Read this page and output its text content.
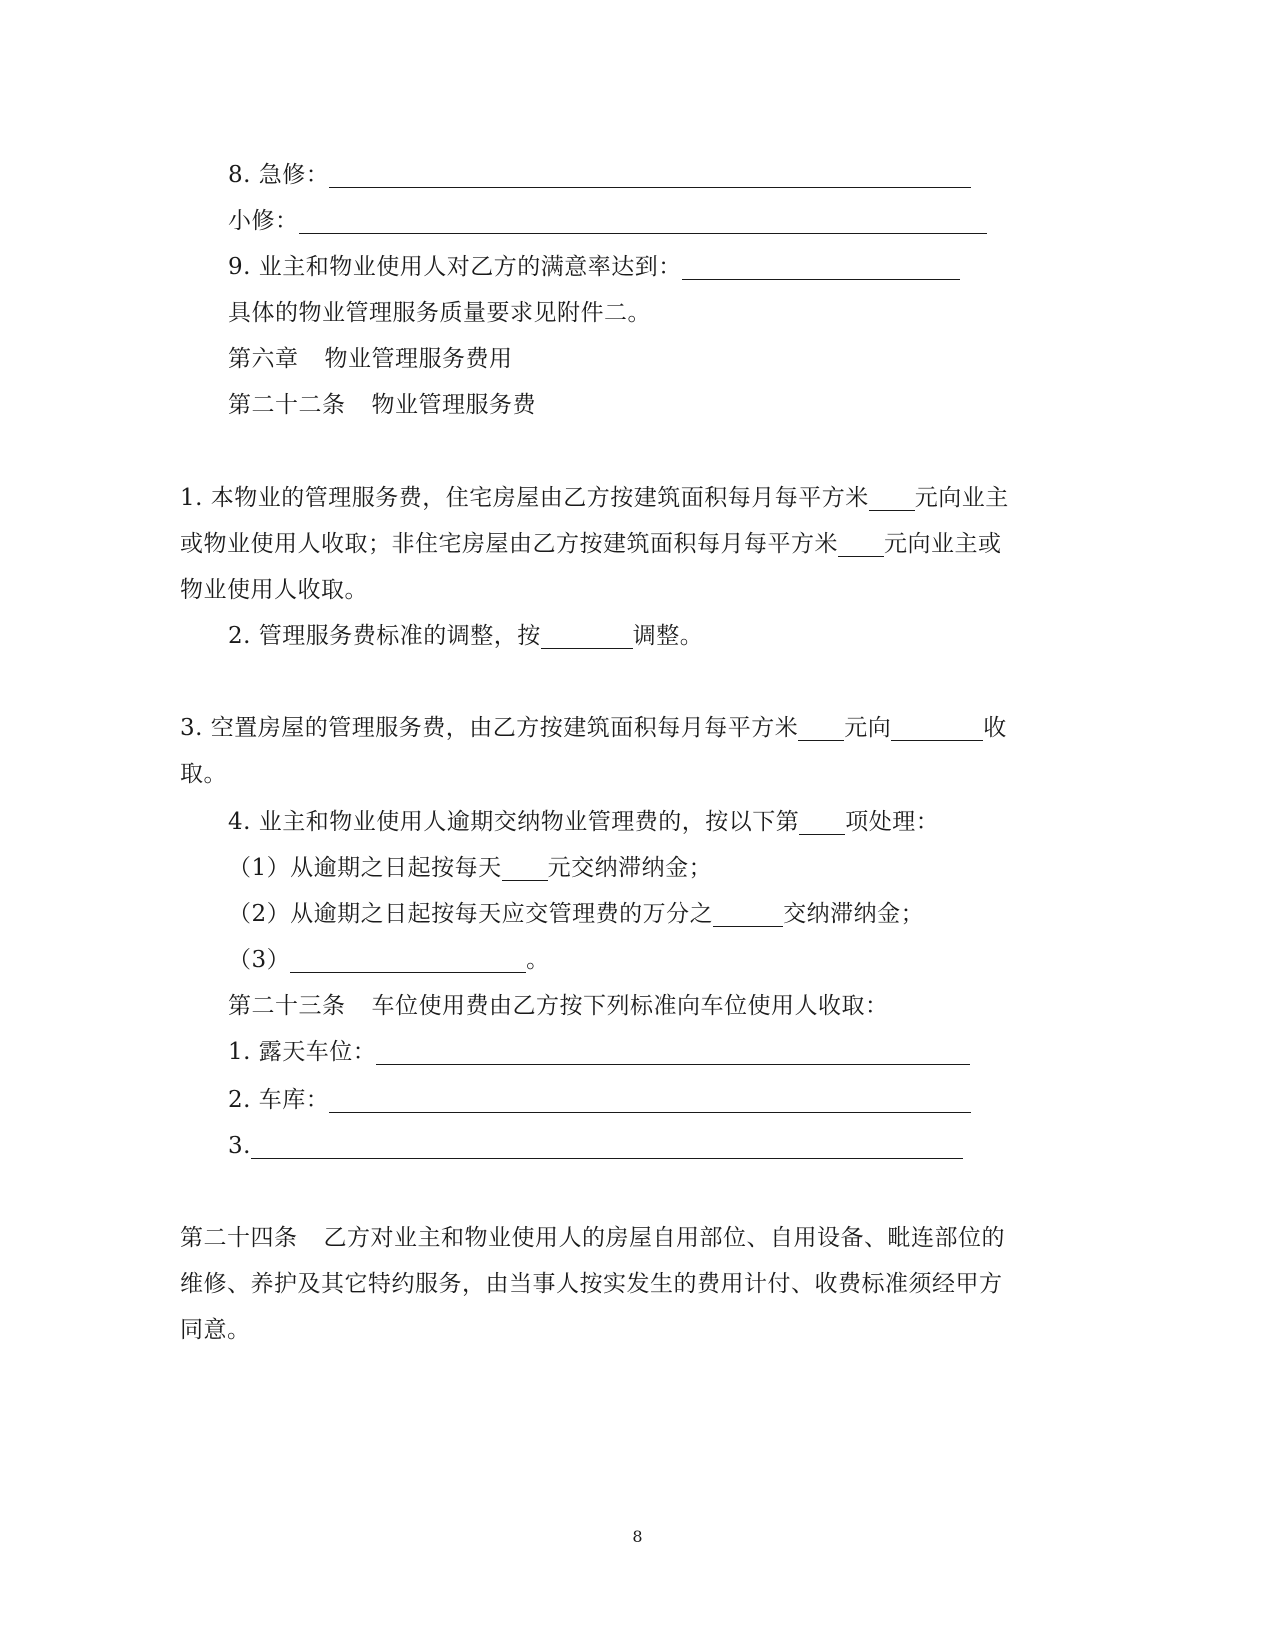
8. 急修：
小修：
9. 业主和物业使用人对乙方的满意率达到：
具体的物业管理服务质量要求见附件二。
第六章 物业管理服务费用
第二十二条 物业管理服务费
1. 本物业的管理服务费，住宅房屋由乙方按建筑面积每月每平方米 元向业主
或物业使用人收取；非住宅房屋由乙方按建筑面积每月每平方米 元向业主或
物业使用人收取。
2. 管理服务费标准的调整，按	调整。
3. 空置房屋的管理服务费，由乙方按建筑面积每月每平方米 元向	收
取。
4. 业主和物业使用人逾期交纳物业管理费的，按以下第 项处理：
（1）从逾期之日起按每天 元交纳滞纳金；
（2）从逾期之日起按每天应交管理费的万分之	交纳滞纳金；
（3）	。
第二十三条 车位使用费由乙方按下列标准向车位使用人收取：
1. 露天车位：
2. 车库：
3.
第二十四条 乙方对业主和物业使用人的房屋自用部位、自用设备、毗连部位的
维修、养护及其它特约服务，由当事人按实发生的费用计付、收费标准须经甲方
同意。
8
